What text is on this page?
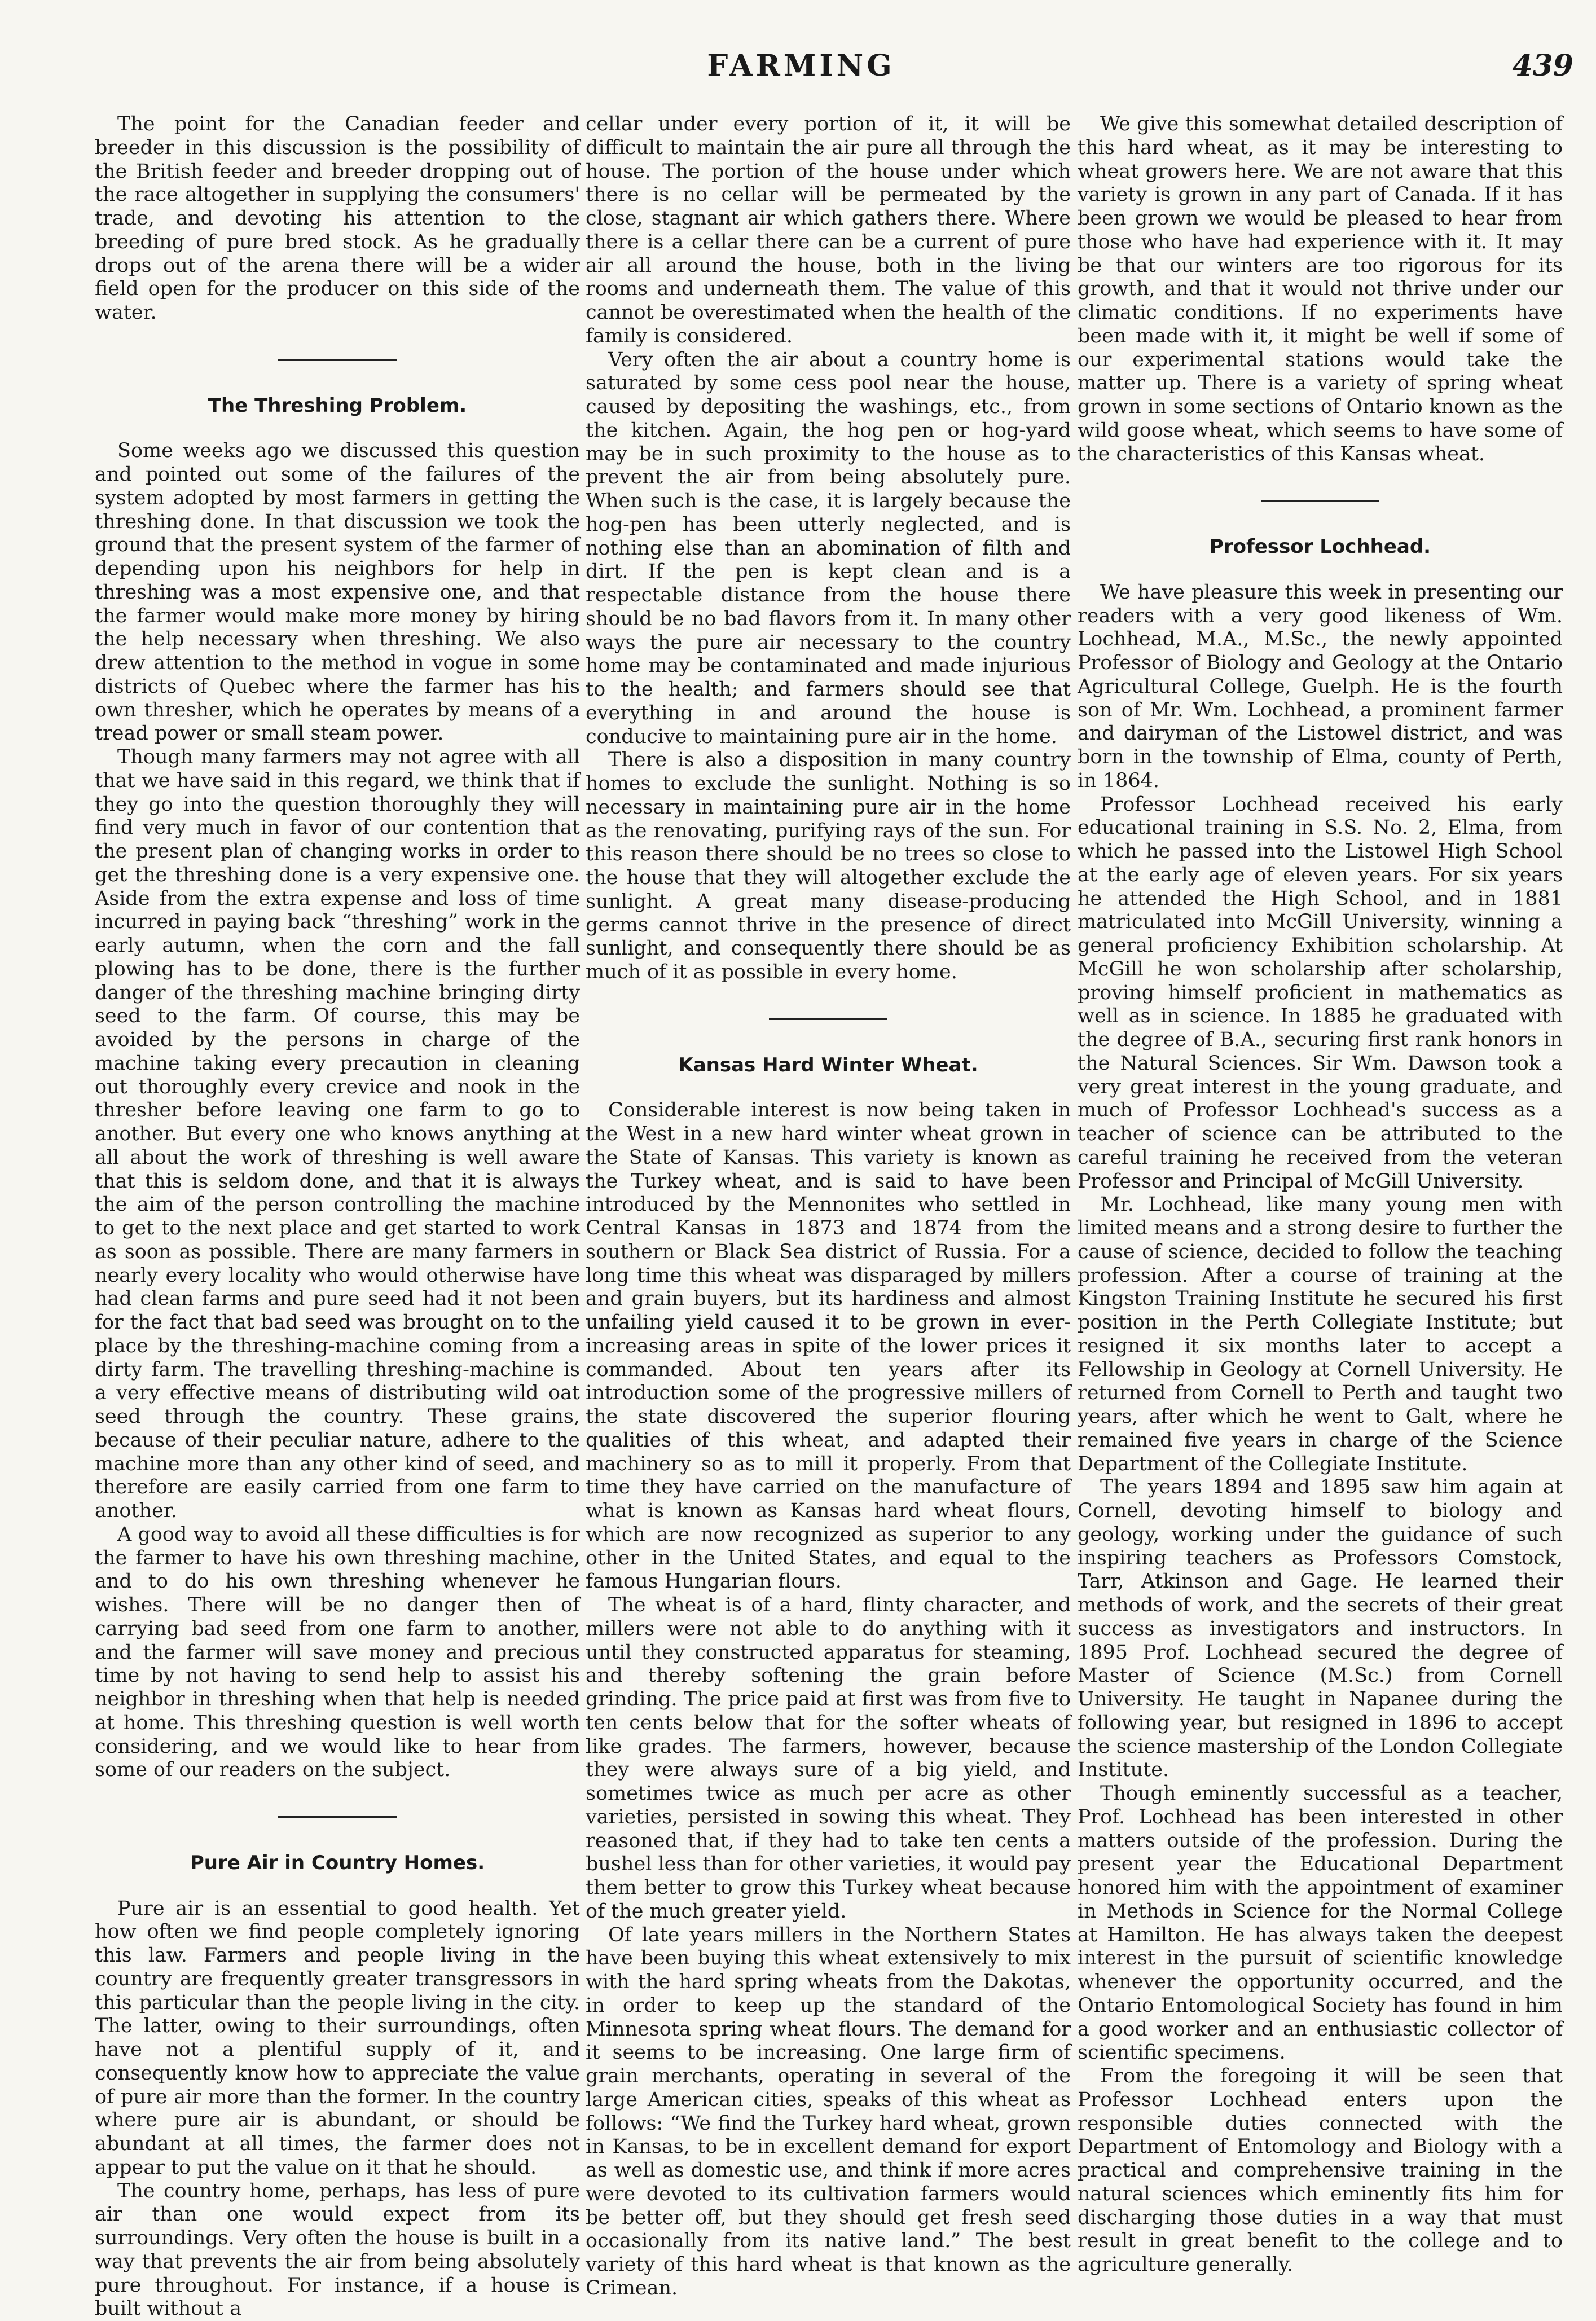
FARMING	439

The point for the Canadian feeder and breeder in this discussion is the possibility of the British feeder and breeder dropping out of the race altogether in supplying the consumers' trade, and devoting his attention to the breeding of pure bred stock. As he gradually drops out of the arena there will be a wider field open for the producer on this side of the water.

The Threshing Problem.

Some weeks ago we discussed this question and pointed out some of the failures of the system adopted by most farmers in getting the threshing done. In that discussion we took the ground that the present system of the farmer of depending upon his neighbors for help in threshing was a most expensive one, and that the farmer would make more money by hiring the help necessary when threshing. We also drew attention to the method in vogue in some districts of Quebec where the farmer has his own thresher, which he operates by means of a tread power or small steam power.

Though many farmers may not agree with all that we have said in this regard, we think that if they go into the question thoroughly they will find very much in favor of our contention that the present plan of changing works in order to get the threshing done is a very expensive one. Aside from the extra expense and loss of time incurred in paying back “threshing” work in the early autumn, when the corn and the fall plowing has to be done, there is the further danger of the threshing machine bringing dirty seed to the farm. Of course, this may be avoided by the persons in charge of the machine taking every precaution in cleaning out thoroughly every crevice and nook in the thresher before leaving one farm to go to another. But every one who knows anything at all about the work of threshing is well aware that this is seldom done, and that it is always the aim of the person controlling the machine to get to the next place and get started to work as soon as possible. There are many farmers in nearly every locality who would otherwise have had clean farms and pure seed had it not been for the fact that bad seed was brought on to the place by the threshing-machine coming from a dirty farm. The travelling threshing-machine is a very effective means of distributing wild oat seed through the country. These grains, because of their peculiar nature, adhere to the machine more than any other kind of seed, and therefore are easily carried from one farm to another.

A good way to avoid all these difficulties is for the farmer to have his own threshing machine, and to do his own threshing whenever he wishes. There will be no danger then of carrying bad seed from one farm to another, and the farmer will save money and precious time by not having to send help to assist his neighbor in threshing when that help is needed at home. This threshing question is well worth considering, and we would like to hear from some of our readers on the subject.

Pure Air in Country Homes.

Pure air is an essential to good health. Yet how often we find people completely ignoring this law. Farmers and people living in the country are frequently greater transgressors in this particular than the people living in the city. The latter, owing to their surroundings, often have not a plentiful supply of it, and consequently know how to appreciate the value of pure air more than the former. In the country where pure air is abundant, or should be abundant at all times, the farmer does not appear to put the value on it that he should.

The country home, perhaps, has less of pure air than one would expect from its surroundings. Very often the house is built in a way that prevents the air from being absolutely pure throughout. For instance, if a house is built without a

cellar under every portion of it, it will be difficult to maintain the air pure all through the house. The portion of the house under which there is no cellar will be permeated by the close, stagnant air which gathers there. Where there is a cellar there can be a current of pure air all around the house, both in the living rooms and underneath them. The value of this cannot be overestimated when the health of the family is considered.

Very often the air about a country home is saturated by some cess pool near the house, caused by depositing the washings, etc., from the kitchen. Again, the hog pen or hog-yard may be in such proximity to the house as to prevent the air from being absolutely pure. When such is the case, it is largely because the hog-pen has been utterly neglected, and is nothing else than an abomination of filth and dirt. If the pen is kept clean and is a respectable distance from the house there should be no bad flavors from it. In many other ways the pure air necessary to the country home may be contaminated and made injurious to the health; and farmers should see that everything in and around the house is conducive to maintaining pure air in the home.

There is also a disposition in many country homes to exclude the sunlight. Nothing is so necessary in maintaining pure air in the home as the renovating, purifying rays of the sun. For this reason there should be no trees so close to the house that they will altogether exclude the sunlight. A great many disease-producing germs cannot thrive in the presence of direct sunlight, and consequently there should be as much of it as possible in every home.

Kansas Hard Winter Wheat.

Considerable interest is now being taken in the West in a new hard winter wheat grown in the State of Kansas. This variety is known as the Turkey wheat, and is said to have been introduced by the Mennonites who settled in Central Kansas in 1873 and 1874 from the southern or Black Sea district of Russia. For a long time this wheat was disparaged by millers and grain buyers, but its hardiness and almost unfailing yield caused it to be grown in ever-increasing areas in spite of the lower prices it commanded. About ten years after its introduction some of the progressive millers of the state discovered the superior flouring qualities of this wheat, and adapted their machinery so as to mill it properly. From that time they have carried on the manufacture of what is known as Kansas hard wheat flours, which are now recognized as superior to any other in the United States, and equal to the famous Hungarian flours.

The wheat is of a hard, flinty character, and millers were not able to do anything with it until they constructed apparatus for steaming, and thereby softening the grain before grinding. The price paid at first was from five to ten cents below that for the softer wheats of like grades. The farmers, however, because they were always sure of a big yield, and sometimes twice as much per acre as other varieties, persisted in sowing this wheat. They reasoned that, if they had to take ten cents a bushel less than for other varieties, it would pay them better to grow this Turkey wheat because of the much greater yield.

Of late years millers in the Northern States have been buying this wheat extensively to mix with the hard spring wheats from the Dakotas, in order to keep up the standard of the Minnesota spring wheat flours. The demand for it seems to be increasing. One large firm of grain merchants, operating in several of the large American cities, speaks of this wheat as follows: “We find the Turkey hard wheat, grown in Kansas, to be in excellent demand for export as well as domestic use, and think if more acres were devoted to its cultivation farmers would be better off, but they should get fresh seed occasionally from its native land.” The best variety of this hard wheat is that known as the Crimean.

We give this somewhat detailed description of this hard wheat, as it may be interesting to wheat growers here. We are not aware that this variety is grown in any part of Canada. If it has been grown we would be pleased to hear from those who have had experience with it. It may be that our winters are too rigorous for its growth, and that it would not thrive under our climatic conditions. If no experiments have been made with it, it might be well if some of our experimental stations would take the matter up. There is a variety of spring wheat grown in some sections of Ontario known as the wild goose wheat, which seems to have some of the characteristics of this Kansas wheat.

Professor Lochhead.

We have pleasure this week in presenting our readers with a very good likeness of Wm. Lochhead, M.A., M.Sc., the newly appointed Professor of Biology and Geology at the Ontario Agricultural College, Guelph. He is the fourth son of Mr. Wm. Lochhead, a prominent farmer and dairyman of the Listowel district, and was born in the township of Elma, county of Perth, in 1864.

Professor Lochhead received his early educational training in S.S. No. 2, Elma, from which he passed into the Listowel High School at the early age of eleven years. For six years he attended the High School, and in 1881 matriculated into McGill University, winning a general proficiency Exhibition scholarship. At McGill he won scholarship after scholarship, proving himself proficient in mathematics as well as in science. In 1885 he graduated with the degree of B.A., securing first rank honors in the Natural Sciences. Sir Wm. Dawson took a very great interest in the young graduate, and much of Professor Lochhead's success as a teacher of science can be attributed to the careful training he received from the veteran Professor and Principal of McGill University.

Mr. Lochhead, like many young men with limited means and a strong desire to further the cause of science, decided to follow the teaching profession. After a course of training at the Kingston Training Institute he secured his first position in the Perth Collegiate Institute; but resigned it six months later to accept a Fellowship in Geology at Cornell University. He returned from Cornell to Perth and taught two years, after which he went to Galt, where he remained five years in charge of the Science Department of the Collegiate Institute.

The years 1894 and 1895 saw him again at Cornell, devoting himself to biology and geology, working under the guidance of such inspiring teachers as Professors Comstock, Tarr, Atkinson and Gage. He learned their methods of work, and the secrets of their great success as investigators and instructors. In 1895 Prof. Lochhead secured the degree of Master of Science (M.Sc.) from Cornell University. He taught in Napanee during the following year, but resigned in 1896 to accept the science mastership of the London Collegiate Institute.

Though eminently successful as a teacher, Prof. Lochhead has been interested in other matters outside of the profession. During the present year the Educational Department honored him with the appointment of examiner in Methods in Science for the Normal College at Hamilton. He has always taken the deepest interest in the pursuit of scientific knowledge whenever the opportunity occurred, and the Ontario Entomological Society has found in him a good worker and an enthusiastic collector of scientific specimens.

From the foregoing it will be seen that Professor Lochhead enters upon the responsible duties connected with the Department of Entomology and Biology with a practical and comprehensive training in the natural sciences which eminently fits him for discharging those duties in a way that must result in great benefit to the college and to agriculture generally.
